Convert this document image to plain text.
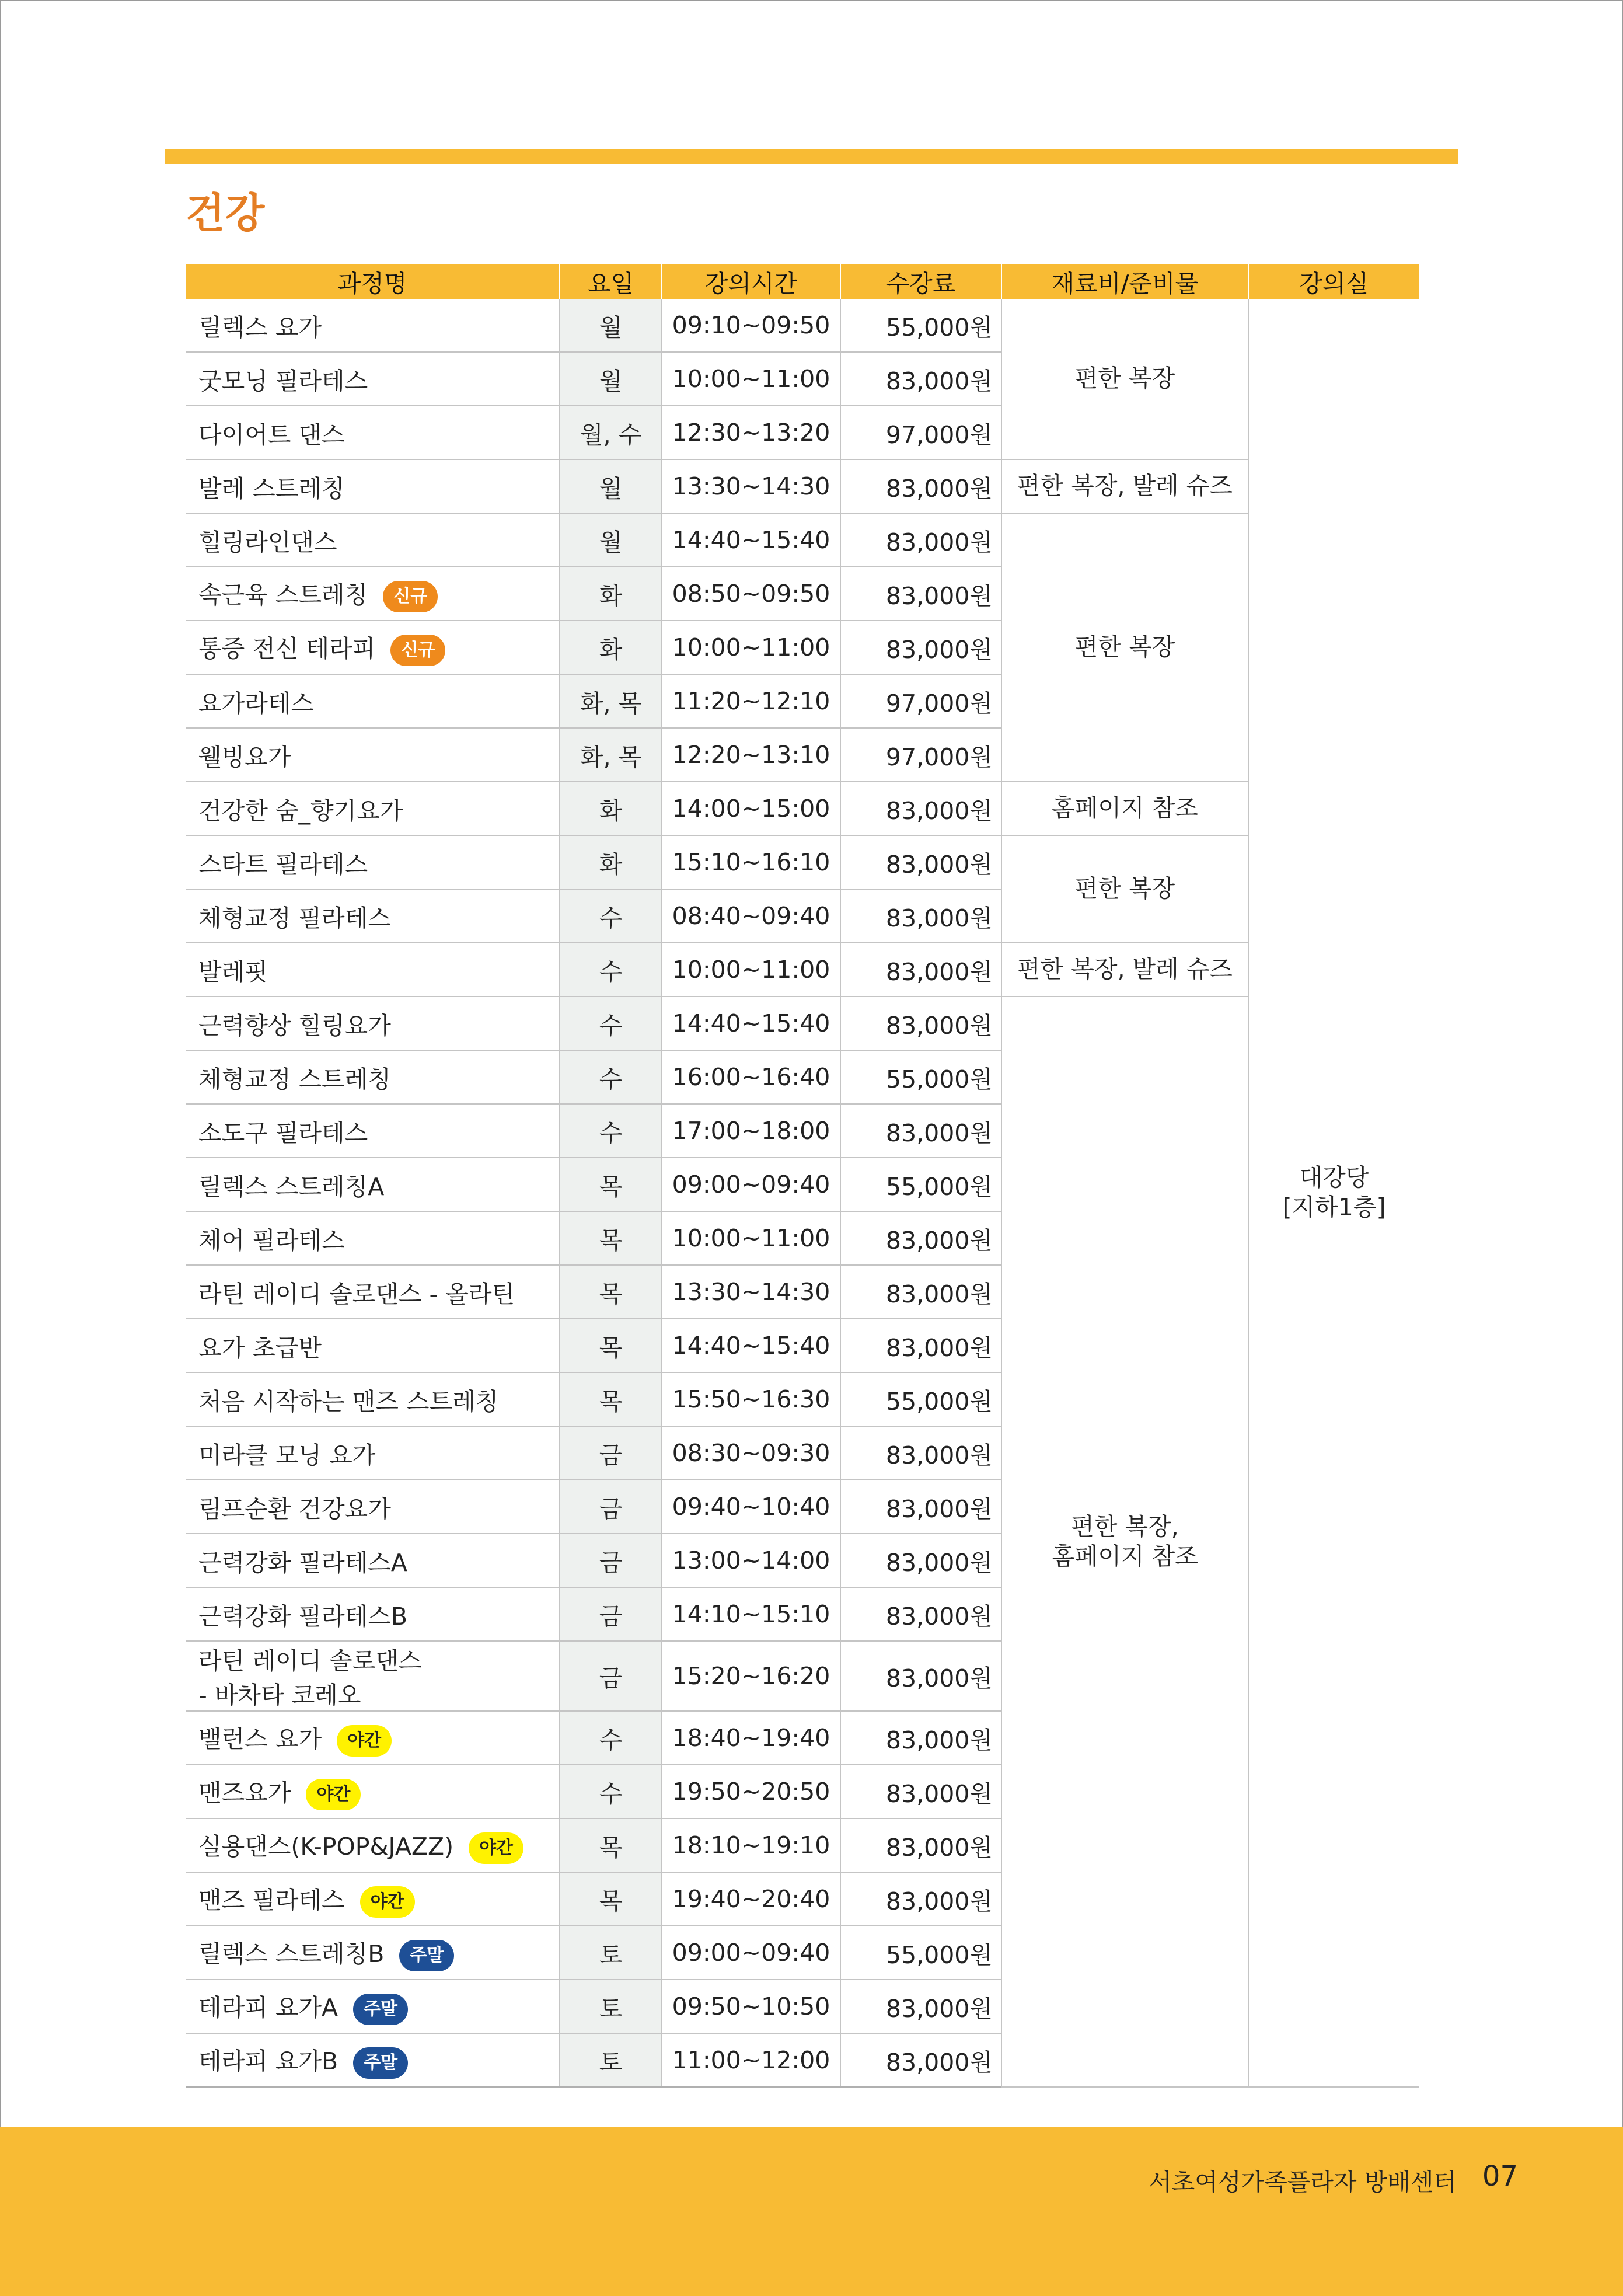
건강
과정명	요일	강의시간	수강료	재료비/준비물	강의실
릴렉스 요가	월	09:10~09:50	55,000원	편한 복장	대강당
[지하1층]

굿모닝 필라테스	월	10:00~11:00	83,000원		
다이어트 댄스	월, 수	12:30~13:20	97,000원		
발레 스트레칭	월	13:30~14:30	83,000원	편한 복장, 발레 슈즈	

힐링라인댄스	월	14:40~15:40	83,000원	편한 복장	

속근육 스트레칭 신규	화	08:50~09:50	83,000원		
통증 전신 테라피 신규	화	10:00~11:00	83,000원		
요가라테스	화, 목	11:20~12:10	97,000원		
웰빙요가	화, 목	12:20~13:10	97,000원		
건강한 숨_향기요가	화	14:00~15:00	83,000원	홈페이지 참조	

스타트 필라테스	화	15:10~16:10	83,000원	편한 복장	

체형교정 필라테스	수	08:40~09:40	83,000원		
발레핏	수	10:00~11:00	83,000원	편한 복장, 발레 슈즈	

근력향상 힐링요가	수	14:40~15:40	83,000원	편한 복장,
홈페이지 참조	

체형교정 스트레칭	수	16:00~16:40	55,000원		
소도구 필라테스	수	17:00~18:00	83,000원		
릴렉스 스트레칭A	목	09:00~09:40	55,000원		
체어 필라테스	목	10:00~11:00	83,000원		
라틴 레이디 솔로댄스 - 올라틴	목	13:30~14:30	83,000원		
요가 초급반	목	14:40~15:40	83,000원		
처음 시작하는 맨즈 스트레칭	목	15:50~16:30	55,000원		
미라클 모닝 요가	금	08:30~09:30	83,000원		
림프순환 건강요가	금	09:40~10:40	83,000원		
근력강화 필라테스A	금	13:00~14:00	83,000원		
근력강화 필라테스B	금	14:10~15:10	83,000원		

라틴 레이디 솔로댄스
- 바차타 코레오	금	15:20~16:20	83,000원		
밸런스 요가 야간	수	18:40~19:40	83,000원		
맨즈요가 야간	수	19:50~20:50	83,000원		
실용댄스(K-POP&JAZZ) 야간	목	18:10~19:10	83,000원		
맨즈 필라테스 야간	목	19:40~20:40	83,000원		
릴렉스 스트레칭B 주말	토	09:00~09:40	55,000원		
테라피 요가A 주말	토	09:50~10:50	83,000원		
테라피 요가B 주말	토	11:00~12:00	83,000원		
서초여성가족플라자 방배센터 07
